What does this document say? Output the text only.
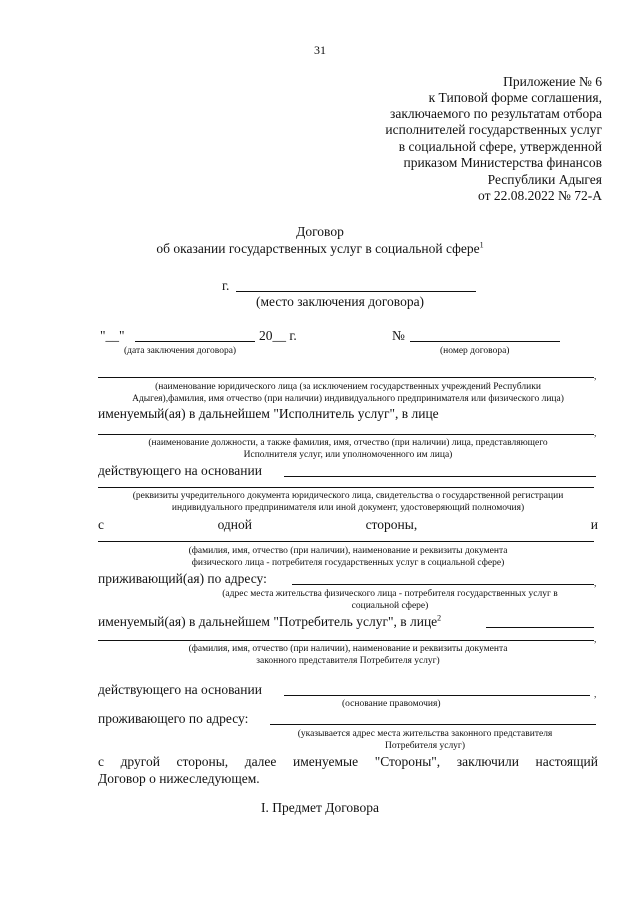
31
Приложение № 6
к Типовой форме соглашения,
заключаемого по результатам отбора
исполнителей государственных услуг
в социальной сфере, утвержденной
приказом Министерства финансов
Республики Адыгея
от 22.08.2022 № 72-А
Договор
об оказании государственных услуг в социальной сфере$^1$
г.
(место заключения договора)
"__"	20__ г.
(дата заключения договора)
№
(номер договора)
,
(наименование юридического лица (за исключением государственных учреждений Республики
Адыгея),фамилия, имя отчество (при наличии) индивидуального предпринимателя или физического лица)
именуемый(ая) в дальнейшем "Исполнитель услуг", в лице
,
(наименование должности, а также фамилия, имя, отчество (при наличии) лица, представляющего
Исполнителя услуг, или уполномоченного им лица)
действующего на основании
(реквизиты учредительного документа юридического лица, свидетельства о государственной регистрации
индивидуального предпринимателя или иной документ, удостоверяющий полномочия)
с	одной	стороны,	и
(фамилия, имя, отчество (при наличии), наименование и реквизиты документа
физического лица - потребителя государственных услуг в социальной сфере)
приживающий(ая) по адресу:	,
(адрес места жительства физического лица - потребителя государственных услуг в
социальной сфере)
именуемый(ая) в дальнейшем "Потребитель услуг", в лице$^2$
,
(фамилия, имя, отчество (при наличии), наименование и реквизиты документа
законного представителя Потребителя услуг)
действующего на основании	,
(основание правомочия)
проживающего по адресу:
(указывается адрес места жительства законного представителя
Потребителя услуг)
с другой стороны, далее именуемые "Стороны", заключили настоящий
Договор о нижеследующем.
I. Предмет Договора
